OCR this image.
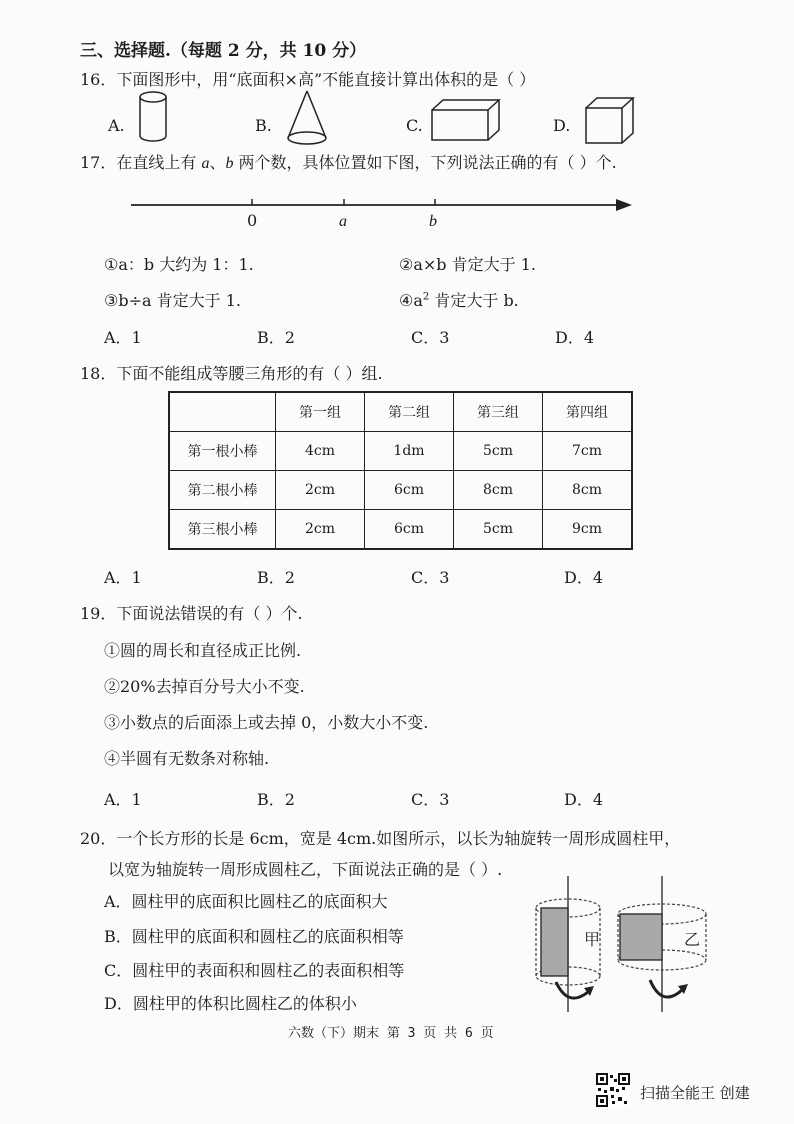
三、选择题.（每题 2 分，共 10 分）
16．下面图形中，用“底面积×高”不能直接计算出体积的是（ ）
A.	B.	C.	D.
17．在直线上有 a、b 两个数，具体位置如下图，下列说法正确的有（ ）个.
0	a	b
①a：b 大约为 1：1.	②a×b 肯定大于 1.
③b÷a 肯定大于 1.	$④a^2$ 肯定大于 b.
A．1	B．2	C．3	D．4
18．下面不能组成等腰三角形的有（ ）组.
	第一组	第二组	第三组	第四组
第一根小棒	4cm	1dm	5cm	7cm
第二根小棒	2cm	6cm	8cm	8cm
第三根小棒	2cm	6cm	5cm	9cm
A．1	B．2	C．3	D．4
19．下面说法错误的有（ ）个.
①圆的周长和直径成正比例.
②20%去掉百分号大小不变.
③小数点的后面添上或去掉 0，小数大小不变.
④半圆有无数条对称轴.
A．1	B．2	C．3	D．4
20．一个长方形的长是 6cm，宽是 4cm.如图所示，以长为轴旋转一周形成圆柱甲，
以宽为轴旋转一周形成圆柱乙，下面说法正确的是（ ）.
A．圆柱甲的底面积比圆柱乙的底面积大
B．圆柱甲的底面积和圆柱乙的底面积相等
C．圆柱甲的表面积和圆柱乙的表面积相等
D．圆柱甲的体积比圆柱乙的体积小
甲	乙
六数（下）期末 第 3 页 共 6 页
扫描全能王 创建
